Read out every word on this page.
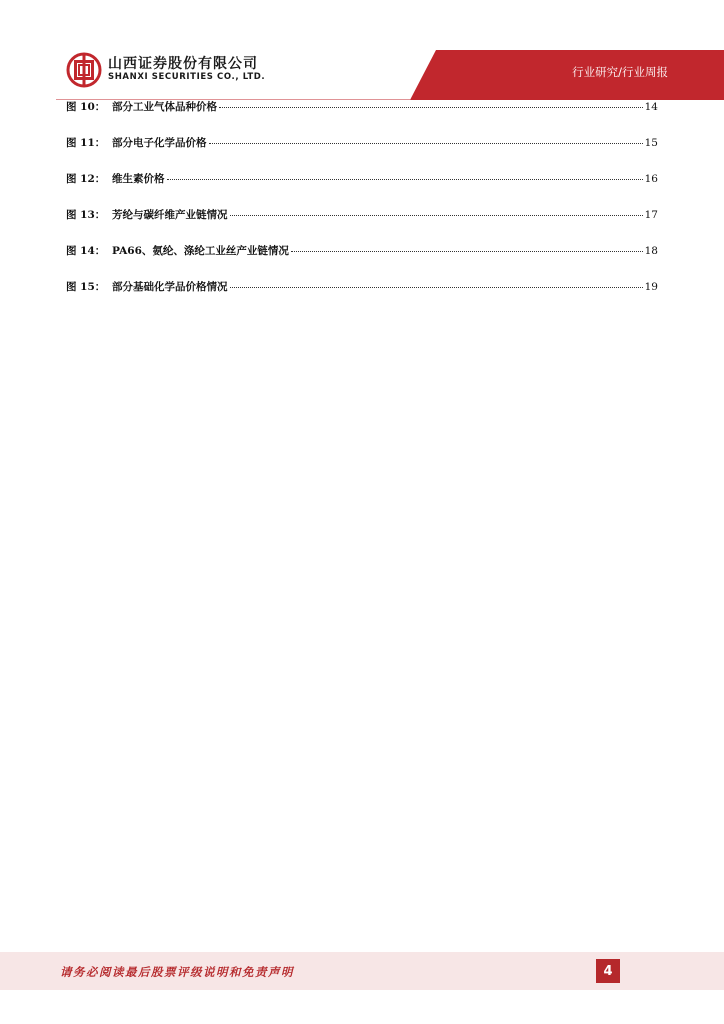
山西证券股份有限公司
SHANXI SECURITIES CO., LTD.	行业研究/行业周报
图 10： 部分工业气体品种价格	14
图 11： 部分电子化学品价格	15
图 12： 维生素价格	16
图 13： 芳纶与碳纤维产业链情况	17
图 14： PA66、氨纶、涤纶工业丝产业链情况	18
图 15： 部分基础化学品价格情况	19
请务必阅读最后股票评级说明和免责声明	4
